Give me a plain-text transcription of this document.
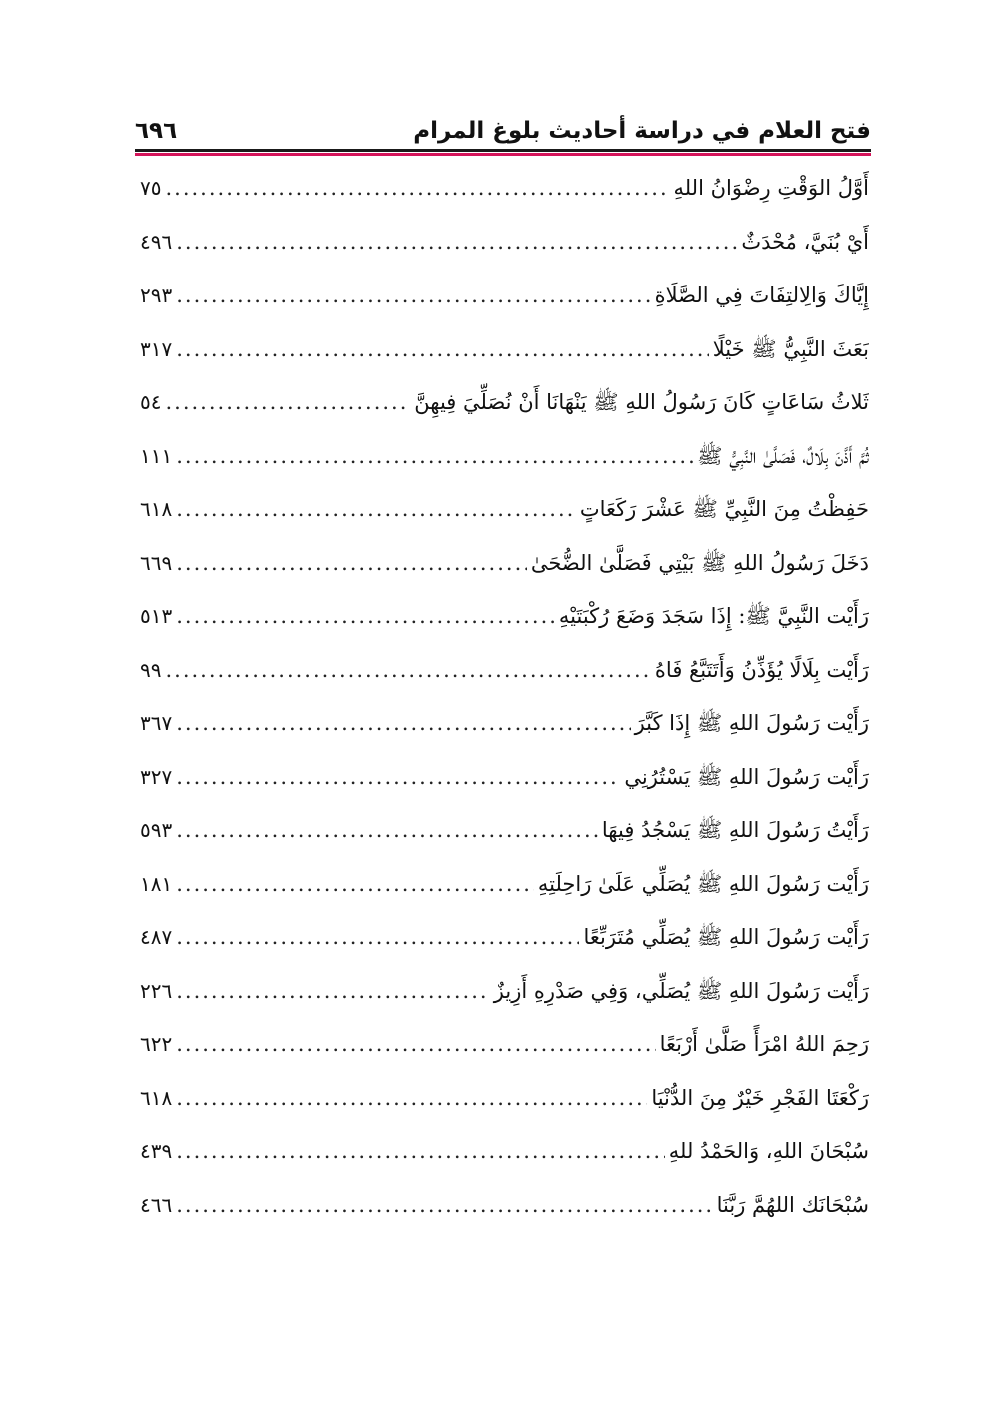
فتح العلام في دراسة أحاديث بلوغ المرام
٦٩٦
أَوَّلُ الوَقْتِ رِضْوَانُ اللهِ
.....
٧٥
أَيْ بُنَيَّ، مُحْدَثٌ
.....
٤٩٦
إِيَّاكَ وَالِالتِفَاتَ فِي الصَّلَاةِ
.....
٢٩٣
بَعَثَ النَّبِيُّ ﷺ خَيْلًا
.....
٣١٧
ثَلاثُ سَاعَاتٍ كَانَ رَسُولُ اللهِ ﷺ يَنْهَانَا أَنْ نُصَلِّيَ فِيهِنَّ
.....
٥٤
ثُمَّ أَذَّنَ بِلَالٌ، فَصَلَّىٰ النَّبِيُّ ﷺ
.....
١١١
حَفِظْتُ مِنَ النَّبِيِّ ﷺ عَشْرَ رَكَعَاتٍ
.....
٦١٨
دَخَلَ رَسُولُ اللهِ ﷺ بَيْتِي فَصَلَّىٰ الضُّحَىٰ
.....
٦٦٩
رَأَيْت النَّبِيَّ ﷺ: إِذَا سَجَدَ وَضَعَ رُكْبَتَيْهِ
.....
٥١٣
رَأَيْت بِلَالًا يُؤَذِّنُ وَأَتَتَبَّعُ فَاهُ
.....
٩٩
رَأَيْت رَسُولَ اللهِ ﷺ إِذَا كَبَّرَ
.....
٣٦٧
رَأَيْت رَسُولَ اللهِ ﷺ يَسْتُرُنِي
.....
٣٢٧
رَأَيْتُ رَسُولَ اللهِ ﷺ يَسْجُدُ فِيهَا
.....
٥٩٣
رَأَيْت رَسُولَ اللهِ ﷺ يُصَلِّي عَلَىٰ رَاحِلَتِهِ
.....
١٨١
رَأَيْت رَسُولَ اللهِ ﷺ يُصَلِّي مُتَرَبِّعًا
.....
٤٨٧
رَأَيْت رَسُولَ اللهِ ﷺ يُصَلِّي، وَفِي صَدْرِهِ أَزِيزٌ
.....
٢٢٦
رَحِمَ اللهُ امْرَأً صَلَّىٰ أَرْبَعًا
.....
٦٢٢
رَكْعَتَا الفَجْرِ خَيْرٌ مِنَ الدُّنْيَا
.....
٦١٨
سُبْحَانَ اللهِ، وَالحَمْدُ للهِ
.....
٤٣٩
سُبْحَانَك اللهُمَّ رَبَّنَا
.....
٤٦٦
